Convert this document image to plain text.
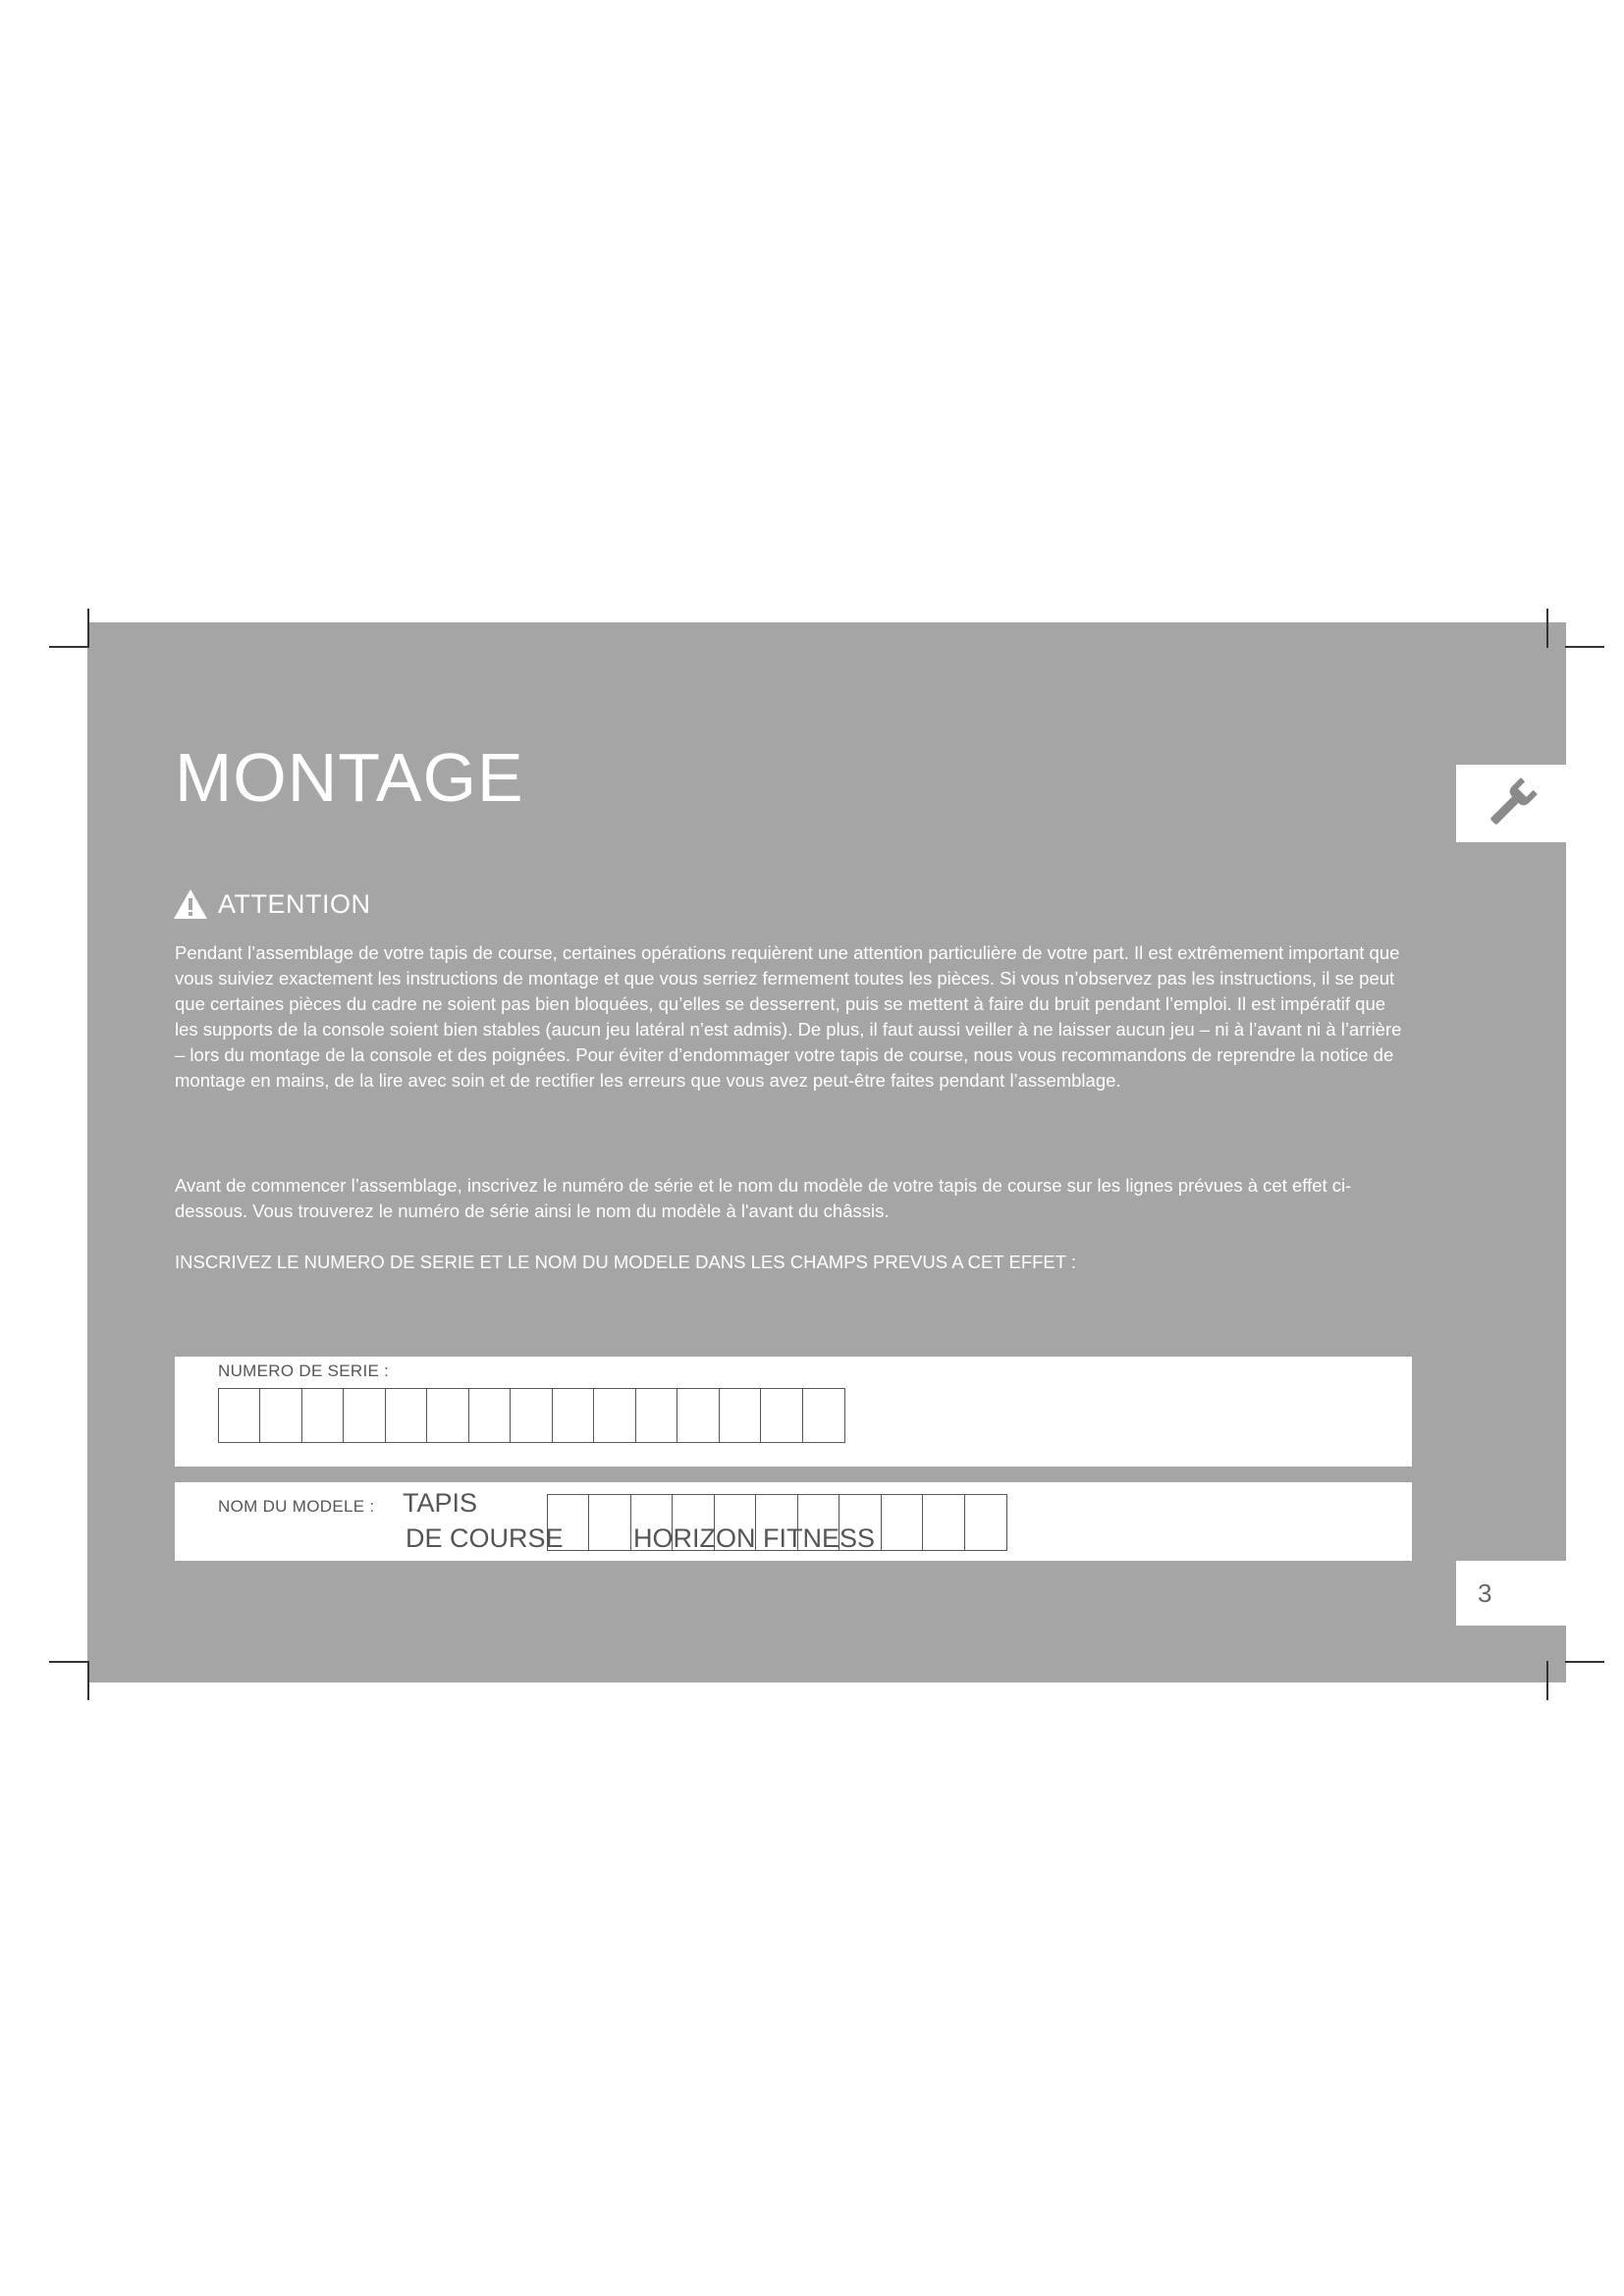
MONTAGE
ATTENTION

Pendant l’assemblage de votre tapis de course, certaines opérations requièrent une attention particulière de votre part. Il est extrêmement important que vous suiviez exactement les instructions de montage et que vous serriez fermement toutes les pièces. Si vous n’observez pas les instructions, il se peut que certaines pièces du cadre ne soient pas bien bloquées, qu’elles se desserrent, puis se mettent à faire du bruit pendant l’emploi. Il est impératif que les supports de la console soient bien stables (aucun jeu latéral n’est admis). De plus, il faut aussi veiller à ne laisser aucun jeu – ni à l’avant ni à l’arrière – lors du montage de la console et des poignées. Pour éviter d’endommager votre tapis de course, nous vous recommandons de reprendre la notice de montage en mains, de la lire avec soin et de rectifier les erreurs que vous avez peut-être faites pendant l’assemblage.

Avant de commencer l’assemblage, inscrivez le numéro de série et le nom du modèle de votre tapis de course sur les lignes prévues à cet effet ci-dessous. Vous trouverez le numéro de série ainsi le nom du modèle à l'avant du châssis.

INSCRIVEZ LE NUMERO DE SERIE ET LE NOM DU MODELE DANS LES CHAMPS PREVUS A CET EFFET :

NUMERO DE SERIE :
NOM DU MODELE : TAPIS
DE COURSE	HORIZON FITNESS
3
